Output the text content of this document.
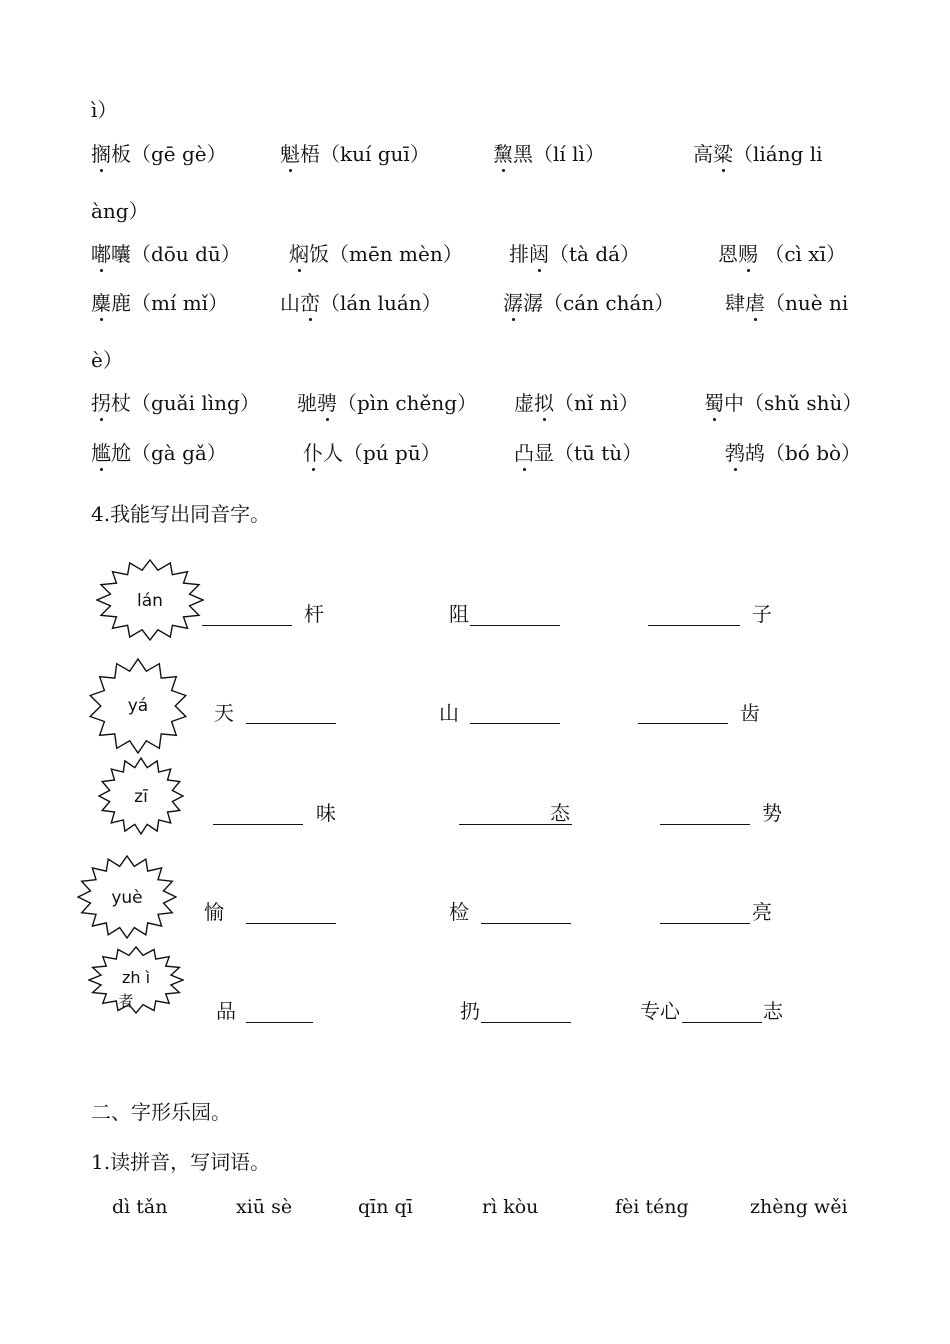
ì）
搁板（gē gè）	魁梧（kuí guī）	黧黑（lí lì）	高粱（liáng li
àng）
嘟囔（dōu dū） 焖饭（mēn mèn） 排闼（tà dá）	恩赐 （cì xī）
麋鹿（mí mǐ）	山峦（lán luán）	潺潺（cán chán）	肆虐（nuè ni
è）
拐杖（guǎi lìng） 驰骋（pìn chěng） 虚拟（nǐ nì）	蜀中（shǔ shù）
尴尬（gà gǎ）	仆人（pú pū）	凸显（tū tù）	鹁鸪（bó bò）
4.我能写出同音字。
lán
杆	阻	子
yá	天	山	齿
zī
味	态	势
yuè
愉	检	亮
zh ì
者	品	扔	专心	志
二、字形乐园。
1.读拼音，写词语。
dì tǎn	xiū sè	qīn qī	rì kòu	fèi téng	zhèng wěi
